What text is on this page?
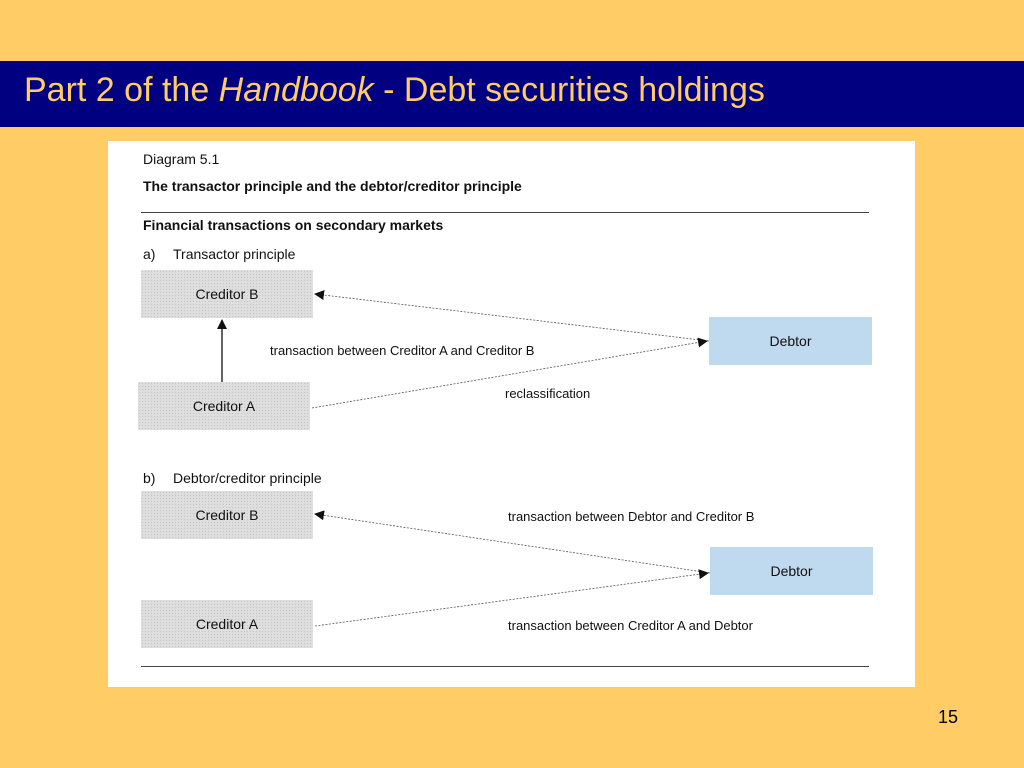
Part 2 of the Handbook - Debt securities holdings
Diagram 5.1
The transactor principle and the debtor/creditor principle
Financial transactions on secondary markets
a) Transactor principle
Creditor B
Creditor A
Debtor
transaction between Creditor A and Creditor B
reclassification
b) Debtor/creditor principle
Creditor B
Creditor A
Debtor
transaction between Debtor and Creditor B
transaction between Creditor A and Debtor
15
